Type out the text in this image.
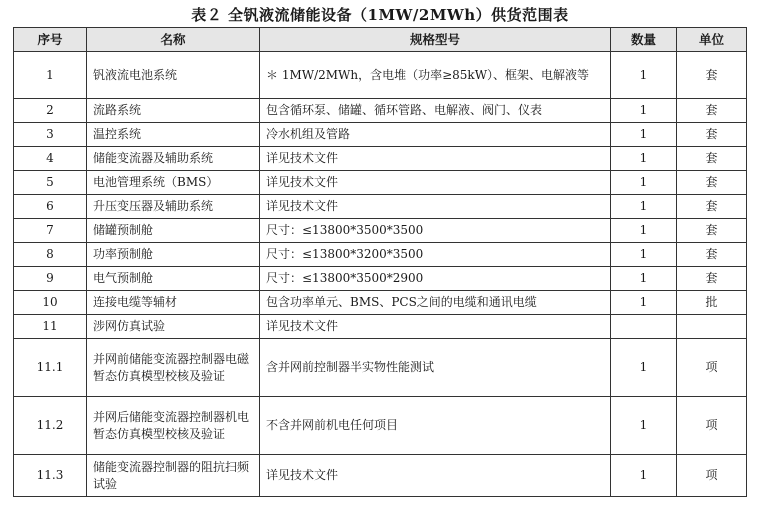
表２ 全钒液流储能设备（1MW/2MWh）供货范围表
序号	名称	规格型号	数量	单位
1	钒液流电池系统	＊ 1MW/2MWh，含电堆（功率≥85kW）、框架、电解液等	1	套
2	流路系统	包含循环泵、储罐、循环管路、电解液、阀门、仪表	1	套
3	温控系统	冷水机组及管路	1	套
4	储能变流器及辅助系统	详见技术文件	1	套
5	电池管理系统（BMS）	详见技术文件	1	套
6	升压变压器及辅助系统	详见技术文件	1	套
7	储罐预制舱	尺寸：≤13800*3500*3500	1	套
8	功率预制舱	尺寸：≤13800*3200*3500	1	套
9	电气预制舱	尺寸：≤13800*3500*2900	1	套
10	连接电缆等辅材	包含功率单元、BMS、PCS之间的电缆和通讯电缆	1	批
11	涉网仿真试验	详见技术文件		
11.1	并网前储能变流器控制器电磁暂态仿真模型校核及验证	含并网前控制器半实物性能测试	1	项
11.2	并网后储能变流器控制器机电暂态仿真模型校核及验证	不含并网前机电任何项目	1	项
11.3	储能变流器控制器的阻抗扫频试验	详见技术文件	1	项
